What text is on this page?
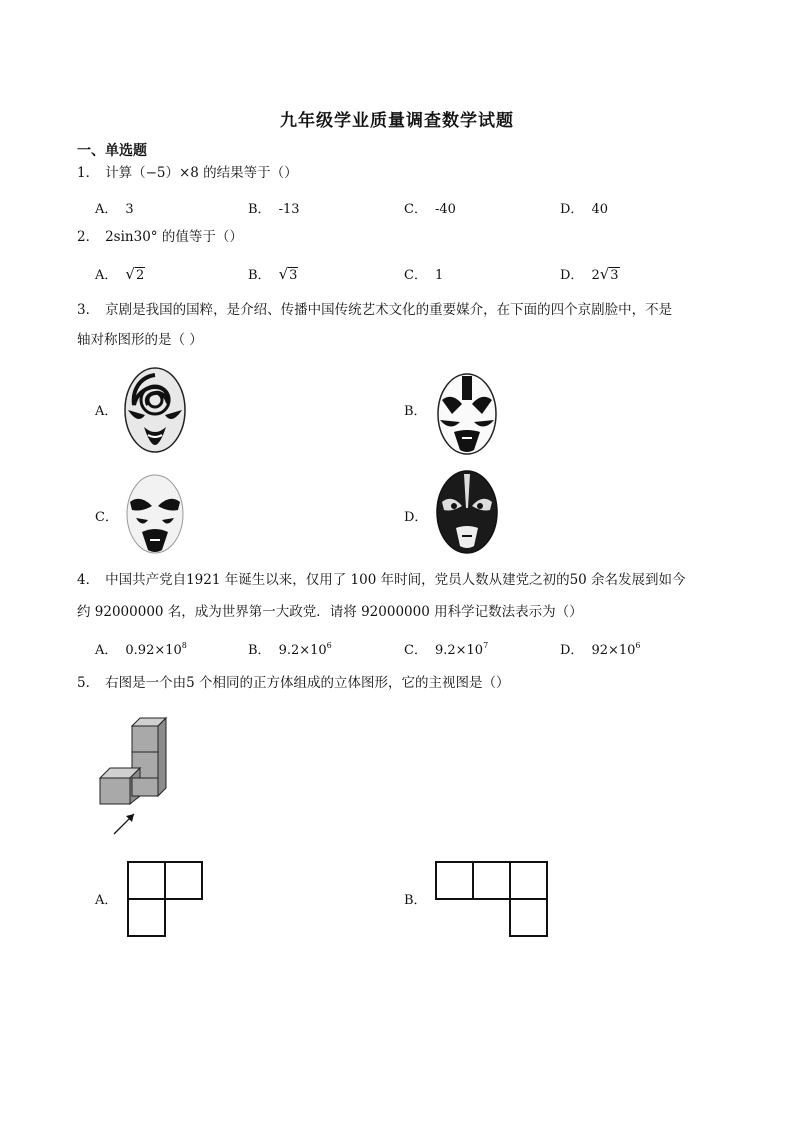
九年级学业质量调查数学试题
一、单选题
1． 计算（−5）×8 的结果等于（）
A． 3	B． -13	C． -40	D． 40
2． 2sin30° 的值等于（）
A． √2	B． √3	C． 1	D． 2√3
3． 京剧是我国的国粹，是介绍、传播中国传统艺术文化的重要媒介，在下面的四个京剧脸中，不是
轴对称图形的是（ ）
A．	B．
C．	D．
4． 中国共产党自1921 年诞生以来，仅用了 100 年时间，党员人数从建党之初的50 余名发展到如今
约 92000000 名，成为世界第一大政党．请将 92000000 用科学记数法表示为（）
A． $0.92\times 10^8$	B． $9.2\times 10^6$	C． $9.2\times 10^7$	D． $92\times 10^6$
5． 右图是一个由5 个相同的正方体组成的立体图形，它的主视图是（）
A．	B．
